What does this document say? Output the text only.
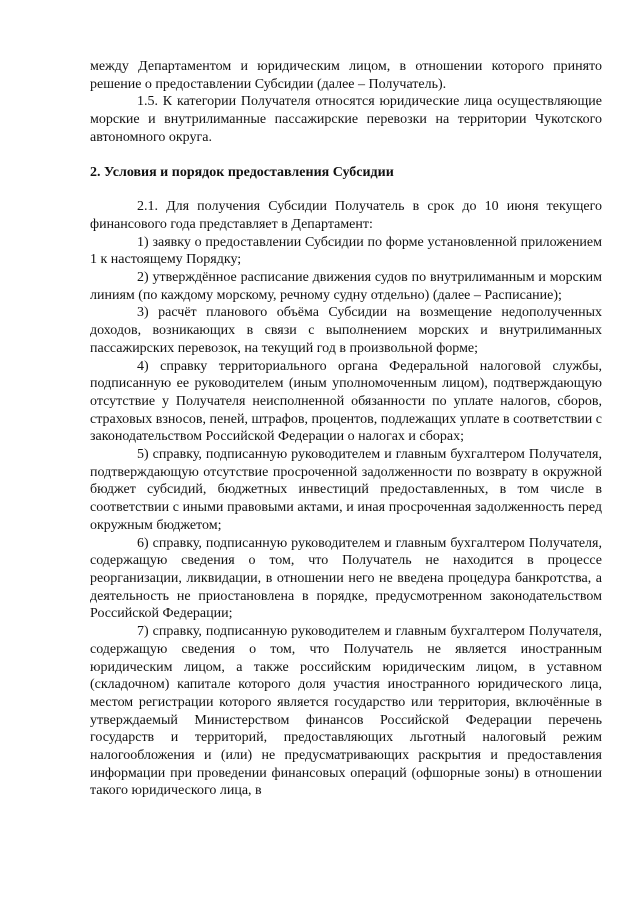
между Департаментом и юридическим лицом, в отношении которого принято решение о предоставлении Субсидии (далее – Получатель).

1.5. К категории Получателя относятся юридические лица осуществляющие морские и внутрилиманные пассажирские перевозки на территории Чукотского автономного округа.

2. Условия и порядок предоставления Субсидии

2.1. Для получения Субсидии Получатель в срок до 10 июня текущего финансового года представляет в Департамент:

1) заявку о предоставлении Субсидии по форме установленной приложением 1 к настоящему Порядку;

2) утверждённое расписание движения судов по внутрилиманным и морским линиям (по каждому морскому, речному судну отдельно) (далее – Расписание);

3) расчёт планового объёма Субсидии на возмещение недополученных доходов, возникающих в связи с выполнением морских и внутрилиманных пассажирских перевозок, на текущий год в произвольной форме;

4) справку территориального органа Федеральной налоговой службы, подписанную ее руководителем (иным уполномоченным лицом), подтверждающую отсутствие у Получателя неисполненной обязанности по уплате налогов, сборов, страховых взносов, пеней, штрафов, процентов, подлежащих уплате в соответствии с законодательством Российской Федерации о налогах и сборах;

5) справку, подписанную руководителем и главным бухгалтером Получателя, подтверждающую отсутствие просроченной задолженности по возврату в окружной бюджет субсидий, бюджетных инвестиций предоставленных, в том числе в соответствии с иными правовыми актами, и иная просроченная задолженность перед окружным бюджетом;

6) справку, подписанную руководителем и главным бухгалтером Получателя, содержащую сведения о том, что Получатель не находится в процессе реорганизации, ликвидации, в отношении него не введена процедура банкротства, а деятельность не приостановлена в порядке, предусмотренном законодательством Российской Федерации;

7) справку, подписанную руководителем и главным бухгалтером Получателя, содержащую сведения о том, что Получатель не является иностранным юридическим лицом, а также российским юридическим лицом, в уставном (складочном) капитале которого доля участия иностранного юридического лица, местом регистрации которого является государство или территория, включённые в утверждаемый Министерством финансов Российской Федерации перечень государств и территорий, предоставляющих льготный налоговый режим налогообложения и (или) не предусматривающих раскрытия и предоставления информации при проведении финансовых операций (офшорные зоны) в отношении такого юридического лица, в
